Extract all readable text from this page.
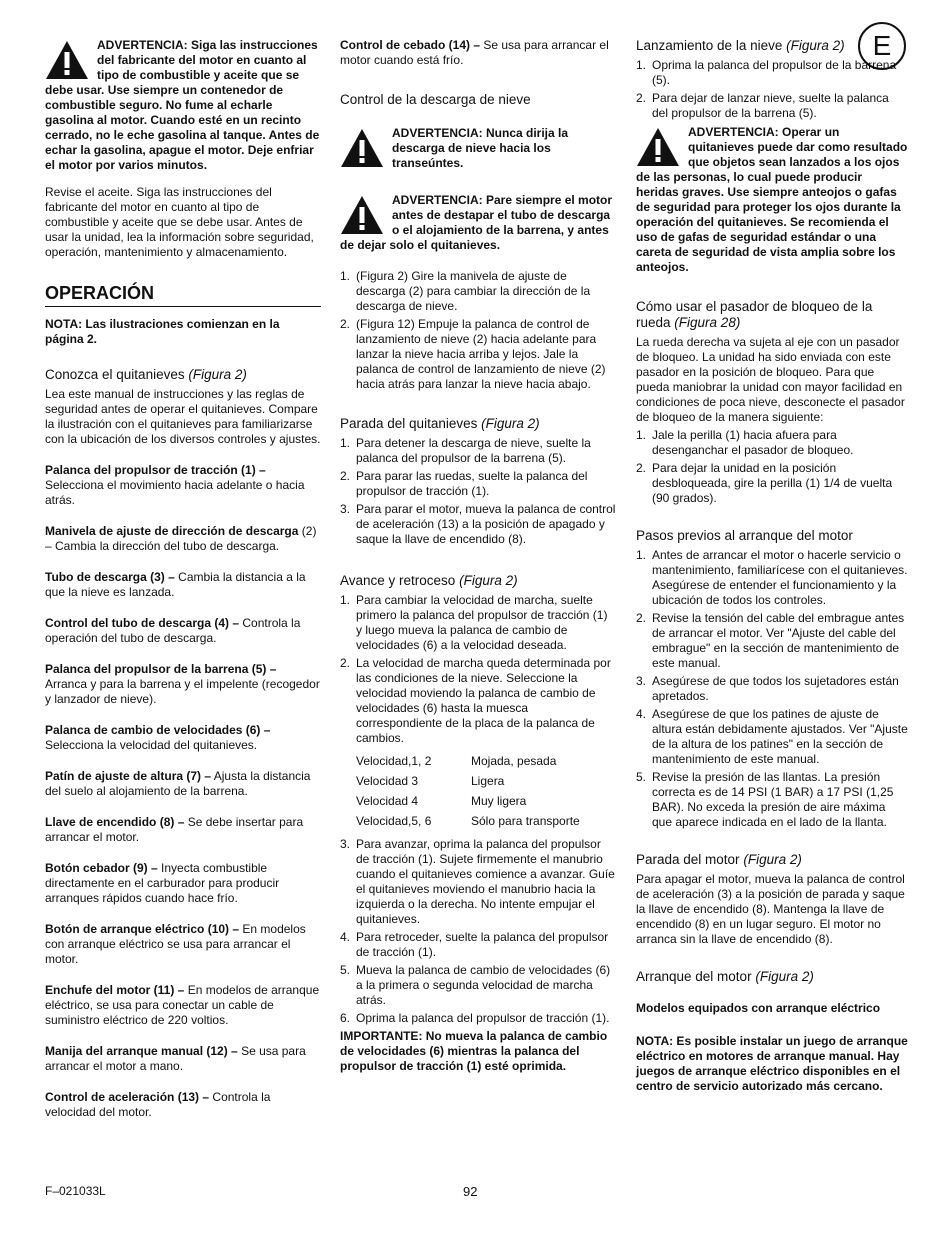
E

ADVERTENCIA: Siga las instrucciones del fabricante del motor en cuanto al tipo de combustible y aceite que se debe usar. Use siempre un contenedor de combustible seguro. No fume al echarle gasolina al motor. Cuando esté en un recinto cerrado, no le eche gasolina al tanque. Antes de echar la gasolina, apague el motor. Deje enfriar el motor por varios minutos.

Revise el aceite. Siga las instrucciones del fabricante del motor en cuanto al tipo de combustible y aceite que se debe usar. Antes de usar la unidad, lea la información sobre seguridad, operación, mantenimiento y almacenamiento.

OPERACIÓN

NOTA: Las ilustraciones comienzan en la página 2.

Conozca el quitanieves (Figura 2)

Lea este manual de instrucciones y las reglas de seguridad antes de operar el quitanieves. Compare la ilustración con el quitanieves para familiarizarse con la ubicación de los diversos controles y ajustes.

Palanca del propulsor de tracción (1) – Selecciona el movimiento hacia adelante o hacia atrás.

Manivela de ajuste de dirección de descarga (2) – Cambia la dirección del tubo de descarga.

Tubo de descarga (3) – Cambia la distancia a la que la nieve es lanzada.

Control del tubo de descarga (4) – Controla la operación del tubo de descarga.

Palanca del propulsor de la barrena (5) – Arranca y para la barrena y el impelente (recogedor y lanzador de nieve).

Palanca de cambio de velocidades (6) – Selecciona la velocidad del quitanieves.

Patín de ajuste de altura (7) – Ajusta la distancia del suelo al alojamiento de la barrena.

Llave de encendido (8) – Se debe insertar para arrancar el motor.

Botón cebador (9) – Inyecta combustible directamente en el carburador para producir arranques rápidos cuando hace frío.

Botón de arranque eléctrico (10) – En modelos con arranque eléctrico se usa para arrancar el motor.

Enchufe del motor (11) – En modelos de arranque eléctrico, se usa para conectar un cable de suministro eléctrico de 220 voltios.

Manija del arranque manual (12) – Se usa para arrancar el motor a mano.

Control de aceleración (13) – Controla la velocidad del motor.

Control de cebado (14) – Se usa para arrancar el motor cuando está frío.

Control de la descarga de nieve

ADVERTENCIA: Nunca dirija la descarga de nieve hacia los transeúntes.

ADVERTENCIA: Pare siempre el motor antes de destapar el tubo de descarga o el alojamiento de la barrena, y antes de dejar solo el quitanieves.

1. (Figura 2) Gire la manivela de ajuste de descarga (2) para cambiar la dirección de la descarga de nieve.
2. (Figura 12) Empuje la palanca de control de lanzamiento de nieve (2) hacia adelante para lanzar la nieve hacia arriba y lejos. Jale la palanca de control de lanzamiento de nieve (2) hacia atrás para lanzar la nieve hacia abajo.
Parada del quitanieves (Figura 2)
1. Para detener la descarga de nieve, suelte la palanca del propulsor de la barrena (5).
2. Para parar las ruedas, suelte la palanca del propulsor de tracción (1).
3. Para parar el motor, mueva la palanca de control de aceleración (13) a la posición de apagado y saque la llave de encendido (8).
Avance y retroceso (Figura 2)
1. Para cambiar la velocidad de marcha, suelte primero la palanca del propulsor de tracción (1) y luego mueva la palanca de cambio de velocidades (6) a la velocidad deseada.
2. La velocidad de marcha queda determinada por las condiciones de la nieve. Seleccione la velocidad moviendo la palanca de cambio de velocidades (6) hasta la muesca correspondiente de la placa de la palanca de cambios.
Velocidad,1, 2	Mojada, pesada
Velocidad 3	Ligera
Velocidad 4	Muy ligera
Velocidad,5, 6	Sólo para transporte
3. Para avanzar, oprima la palanca del propulsor de tracción (1). Sujete firmemente el manubrio cuando el quitanieves comience a avanzar. Guíe el quitanieves moviendo el manubrio hacia la izquierda o la derecha. No intente empujar el quitanieves.
4. Para retroceder, suelte la palanca del propulsor de tracción (1).
5. Mueva la palanca de cambio de velocidades (6) a la primera o segunda velocidad de marcha atrás.
6. Oprima la palanca del propulsor de tracción (1).

IMPORTANTE: No mueva la palanca de cambio de velocidades (6) mientras la palanca del propulsor de tracción (1) esté oprimida.

Lanzamiento de la nieve (Figura 2)
1. Oprima la palanca del propulsor de la barrena (5).
2. Para dejar de lanzar nieve, suelte la palanca del propulsor de la barrena (5).

ADVERTENCIA: Operar un quitanieves puede dar como resultado que objetos sean lanzados a los ojos de las personas, lo cual puede producir heridas graves. Use siempre anteojos o gafas de seguridad para proteger los ojos durante la operación del quitanieves. Se recomienda el uso de gafas de seguridad estándar o una careta de seguridad de vista amplia sobre los anteojos.

Cómo usar el pasador de bloqueo de la rueda (Figura 28)

La rueda derecha va sujeta al eje con un pasador de bloqueo. La unidad ha sido enviada con este pasador en la posición de bloqueo. Para que pueda maniobrar la unidad con mayor facilidad en condiciones de poca nieve, desconecte el pasador de bloqueo de la manera siguiente:

1. Jale la perilla (1) hacia afuera para desenganchar el pasador de bloqueo.
2. Para dejar la unidad en la posición desbloqueada, gire la perilla (1) 1/4 de vuelta (90 grados).
Pasos previos al arranque del motor
1. Antes de arrancar el motor o hacerle servicio o mantenimiento, familiarícese con el quitanieves. Asegúrese de entender el funcionamiento y la ubicación de todos los controles.
2. Revise la tensión del cable del embrague antes de arrancar el motor. Ver "Ajuste del cable del embrague" en la sección de mantenimiento de este manual.
3. Asegúrese de que todos los sujetadores están apretados.
4. Asegúrese de que los patines de ajuste de altura están debidamente ajustados. Ver "Ajuste de la altura de los patines" en la sección de mantenimiento de este manual.
5. Revise la presión de las llantas. La presión correcta es de 14 PSI (1 BAR) a 17 PSI (1,25 BAR). No exceda la presión de aire máxima que aparece indicada en el lado de la llanta.
Parada del motor (Figura 2)

Para apagar el motor, mueva la palanca de control de aceleración (3) a la posición de parada y saque la llave de encendido (8). Mantenga la llave de encendido (8) en un lugar seguro. El motor no arranca sin la llave de encendido (8).

Arranque del motor (Figura 2)

Modelos equipados con arranque eléctrico

NOTA: Es posible instalar un juego de arranque eléctrico en motores de arranque manual. Hay juegos de arranque eléctrico disponibles en el centro de servicio autorizado más cercano.

F–021033L	92
